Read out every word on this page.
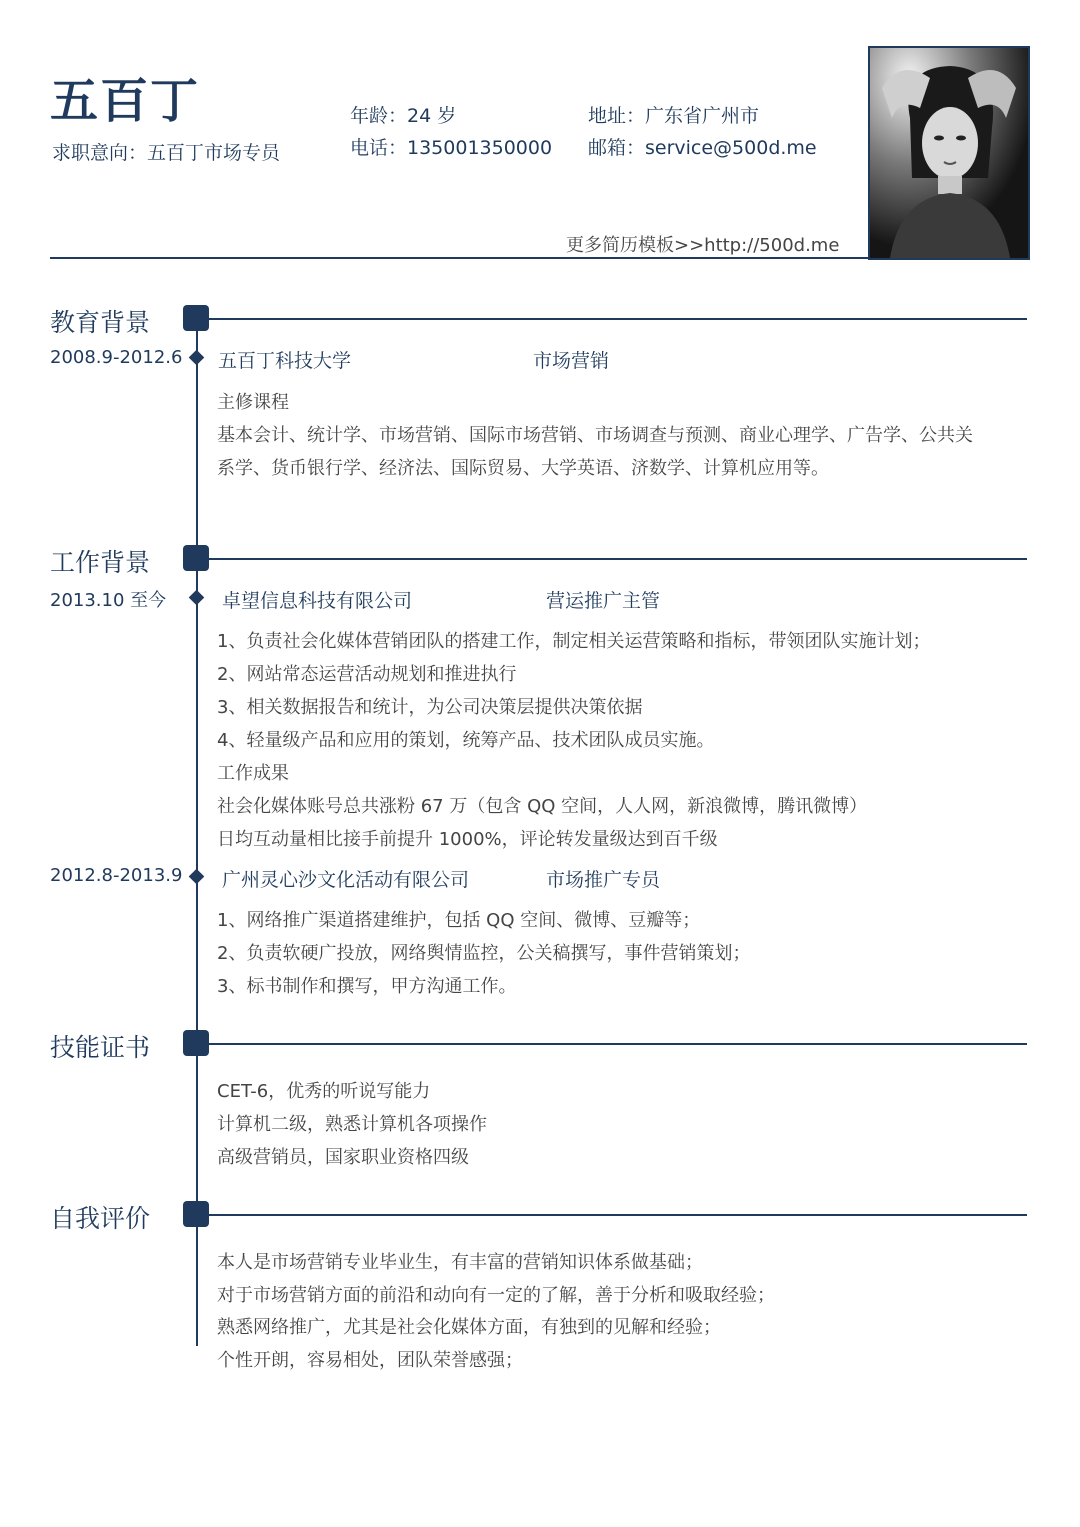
五百丁
求职意向：五百丁市场专员
年龄：24 岁
电话：135001350000
地址：广东省广州市
邮箱：service@500d.me
更多简历模板>>http://500d.me
教育背景
2008.9-2012.6 五百丁科技大学	市场营销
主修课程
基本会计、统计学、市场营销、国际市场营销、市场调查与预测、商业心理学、广告学、公共关
系学、货币银行学、经济法、国际贸易、大学英语、济数学、计算机应用等。
工作背景
2013.10 至今	卓望信息科技有限公司	营运推广主管
1、负责社会化媒体营销团队的搭建工作，制定相关运营策略和指标，带领团队实施计划；
2、网站常态运营活动规划和推进执行
3、相关数据报告和统计，为公司决策层提供决策依据
4、轻量级产品和应用的策划，统筹产品、技术团队成员实施。
工作成果
社会化媒体账号总共涨粉 67 万（包含 QQ 空间，人人网，新浪微博，腾讯微博）
日均互动量相比接手前提升 1000%，评论转发量级达到百千级
2012.8-2013.9 广州灵心沙文化活动有限公司	市场推广专员
1、网络推广渠道搭建维护，包括 QQ 空间、微博、豆瓣等；
2、负责软硬广投放，网络舆情监控，公关稿撰写，事件营销策划；
3、标书制作和撰写，甲方沟通工作。
技能证书
CET-6，优秀的听说写能力
计算机二级，熟悉计算机各项操作
高级营销员，国家职业资格四级
自我评价
本人是市场营销专业毕业生，有丰富的营销知识体系做基础；
对于市场营销方面的前沿和动向有一定的了解，善于分析和吸取经验；
熟悉网络推广，尤其是社会化媒体方面，有独到的见解和经验；
个性开朗，容易相处，团队荣誉感强；
